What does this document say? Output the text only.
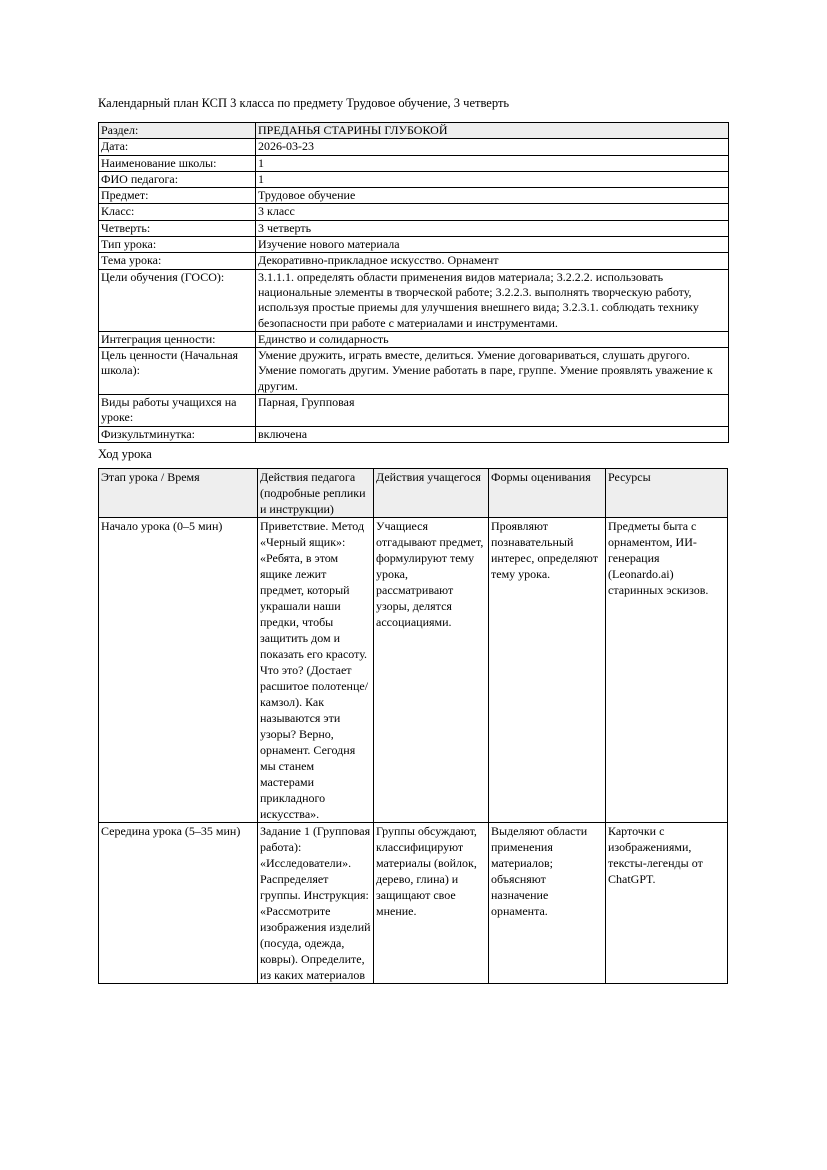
Календарный план КСП 3 класса по предмету Трудовое обучение, 3 четверть

Раздел:	ПРЕДАНЬЯ СТАРИНЫ ГЛУБОКОЙ
Дата:	2026-03-23
Наименование школы:	1
ФИО педагога:	1
Предмет:	Трудовое обучение
Класс:	3 класс
Четверть:	3 четверть
Тип урока:	Изучение нового материала
Тема урока:	Декоративно-прикладное искусство. Орнамент
Цели обучения (ГОСО):	3.1.1.1. определять области применения видов материала; 3.2.2.2. использовать национальные элементы в творческой работе; 3.2.2.3. выполнять творческую работу, используя простые приемы для улучшения внешнего вида; 3.2.3.1. соблюдать технику безопасности при работе с материалами и инструментами.
Интеграция ценности:	Единство и солидарность
Цель ценности (Начальная школа):	Умение дружить, играть вместе, делиться. Умение договариваться, слушать другого. Умение помогать другим. Умение работать в паре, группе. Умение проявлять уважение к другим.
Виды работы учащихся на уроке:	Парная, Групповая
Физкультминутка:	включена

Ход урока

Этап урока / Время	Действия педагога (подробные реплики и инструкции)	Действия учащегося	Формы оценивания	Ресурсы
Начало урока (0–5 мин)	Приветствие. Метод «Черный ящик»: «Ребята, в этом ящике лежит предмет, который украшали наши предки, чтобы защитить дом и показать его красоту. Что это? (Достает расшитое полотенце/камзол). Как называются эти узоры? Верно, орнамент. Сегодня мы станем мастерами прикладного искусства».	Учащиеся отгадывают предмет, формулируют тему урока, рассматривают узоры, делятся ассоциациями.	Проявляют познавательный интерес, определяют тему урока.	Предметы быта с орнаментом, ИИ-генерация (Leonardo.ai) старинных эскизов.

Середина урока (5–35 мин)	Задание 1 (Групповая работа): «Исследователи». Распределяет группы. Инструкция: «Рассмотрите изображения изделий (посуда, одежда, ковры). Определите, из каких материалов	Группы обсуждают, классифицируют материалы (войлок, дерево, глина) и защищают свое мнение.	Выделяют области применения материалов; объясняют назначение орнамента.	Карточки с изображениями, тексты-легенды от ChatGPT.
